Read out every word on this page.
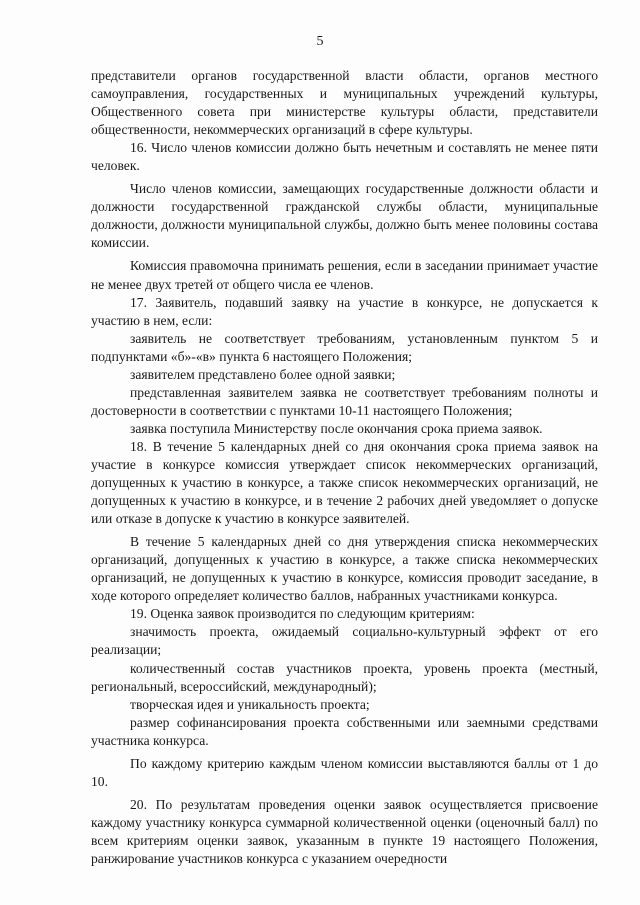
5

представители органов государственной власти области, органов местного самоуправления, государственных и муниципальных учреждений культуры, Общественного совета при министерстве культуры области, представители общественности, некоммерческих организаций в сфере культуры.

16. Число членов комиссии должно быть нечетным и составлять не менее пяти человек.

Число членов комиссии, замещающих государственные должности области и должности государственной гражданской службы области, муниципальные должности, должности муниципальной службы, должно быть менее половины состава комиссии.

Комиссия правомочна принимать решения, если в заседании принимает участие не менее двух третей от общего числа ее членов.

17. Заявитель, подавший заявку на участие в конкурсе, не допускается к участию в нем, если:

заявитель не соответствует требованиям, установленным пунктом 5 и подпунктами «б»-«в» пункта 6 настоящего Положения;

заявителем представлено более одной заявки;

представленная заявителем заявка не соответствует требованиям полноты и достоверности в соответствии с пунктами 10-11 настоящего Положения;

заявка поступила Министерству после окончания срока приема заявок.

18. В течение 5 календарных дней со дня окончания срока приема заявок на участие в конкурсе комиссия утверждает список некоммерческих организаций, допущенных к участию в конкурсе, а также список некоммерческих организаций, не допущенных к участию в конкурсе, и в течение 2 рабочих дней уведомляет о допуске или отказе в допуске к участию в конкурсе заявителей.

В течение 5 календарных дней со дня утверждения списка некоммерческих организаций, допущенных к участию в конкурсе, а также списка некоммерческих организаций, не допущенных к участию в конкурсе, комиссия проводит заседание, в ходе которого определяет количество баллов, набранных участниками конкурса.

19. Оценка заявок производится по следующим критериям:

значимость проекта, ожидаемый социально-культурный эффект от его реализации;

количественный состав участников проекта, уровень проекта (местный, региональный, всероссийский, международный);

творческая идея и уникальность проекта;

размер софинансирования проекта собственными или заемными средствами участника конкурса.

По каждому критерию каждым членом комиссии выставляются баллы от 1 до 10.

20. По результатам проведения оценки заявок осуществляется присвоение каждому участнику конкурса суммарной количественной оценки (оценочный балл) по всем критериям оценки заявок, указанным в пункте 19 настоящего Положения, ранжирование участников конкурса с указанием очередности
